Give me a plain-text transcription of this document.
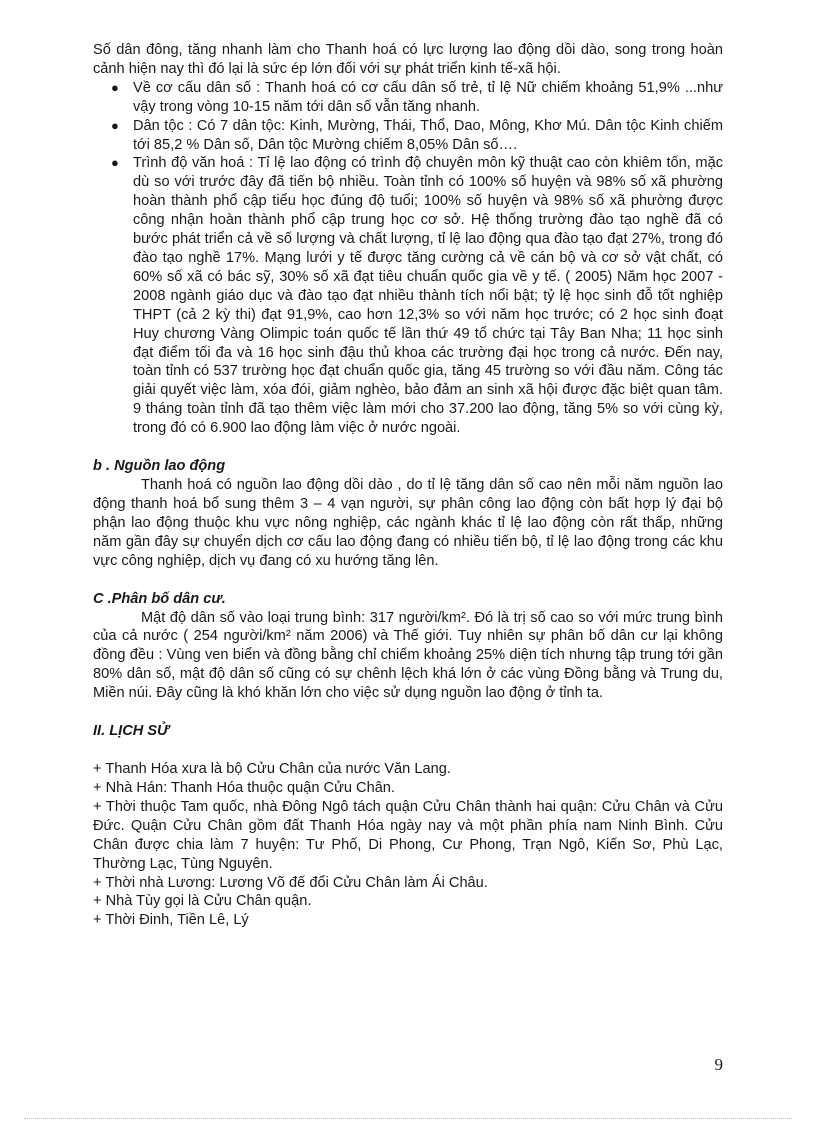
Số dân đông, tăng nhanh làm cho Thanh hoá có lực lượng lao động dồi dào, song trong hoàn cảnh hiện nay thì đó lại là sức ép lớn đối với sự phát triển kinh tế-xã hội.

● Về cơ cấu dân số : Thanh hoá có cơ cấu dân số trẻ, tỉ lệ Nữ chiếm khoảng 51,9% ...như vậy trong vòng 10-15 năm tới dân số vẫn tăng nhanh.
● Dân tộc : Có 7 dân tộc: Kinh, Mường, Thái, Thổ, Dao, Mông, Khơ Mú. Dân tộc Kinh chiếm tới 85,2 % Dân số, Dân tộc Mường chiếm 8,05% Dân số….
● Trình độ văn hoá : Tỉ lệ lao động có trình độ chuyên môn kỹ thuật cao còn khiêm tốn, mặc dù so với trước đây đã tiến bộ nhiều. Toàn tỉnh có 100% số huyện và 98% số xã phường hoàn thành phổ cập tiểu học đúng độ tuổi; 100% số huyện và 98% số xã phường được công nhận hoàn thành phổ cập trung học cơ sở. Hệ thống trường đào tạo nghề đã có bước phát triển cả về số lượng và chất lượng, tỉ lệ lao động qua đào tạo đạt 27%, trong đó đào tạo nghề 17%. Mạng lưới y tế được tăng cường cả về cán bộ và cơ sở vật chất, có 60% số xã có bác sỹ, 30% số xã đạt tiêu chuẩn quốc gia về y tế. ( 2005) Năm học 2007 - 2008 ngành giáo dục và đào tạo đạt nhiều thành tích nổi bật; tỷ lệ học sinh đỗ tốt nghiệp THPT (cả 2 kỳ thi) đạt 91,9%, cao hơn 12,3% so với năm học trước; có 2 học sinh đoạt Huy chương Vàng Olimpic toán quốc tế lần thứ 49 tổ chức tại Tây Ban Nha; 11 học sinh đạt điểm tối đa và 16 học sinh đậu thủ khoa các trường đại học trong cả nước. Đến nay, toàn tỉnh có 537 trường học đạt chuẩn quốc gia, tăng 45 trường so với đầu năm. Công tác giải quyết việc làm, xóa đói, giảm nghèo, bảo đảm an sinh xã hội được đặc biệt quan tâm. 9 tháng toàn tỉnh đã tạo thêm việc làm mới cho 37.200 lao động, tăng 5% so với cùng kỳ, trong đó có 6.900 lao động làm việc ở nước ngoài.
b . Nguồn lao động

Thanh hoá có nguồn lao động dồi dào , do tỉ lệ tăng dân số cao nên mỗi năm nguồn lao động thanh hoá bổ sung thêm 3 – 4 vạn người, sự phân công lao động còn bất hợp lý đại bộ phận lao động thuộc khu vực nông nghiệp, các ngành khác tỉ lệ lao động còn rất thấp, những năm gần đây sự chuyển dịch cơ cấu lao động đang có nhiều tiến bộ, tỉ lệ lao động trong các khu vực công nghiệp, dịch vụ đang có xu hướng tăng lên.

C .Phân bố dân cư.

Mật độ dân số vào loại trung bình: 317 người/km². Đó là trị số cao so với mức trung bình của cả nước ( 254 người/km² năm 2006) và Thế giới. Tuy nhiên sự phân bố dân cư lại không đồng đều : Vùng ven biển và đồng bằng chỉ chiếm khoảng 25% diện tích nhưng tập trung tới gần 80% dân số, mật độ dân số cũng có sự chênh lệch khá lớn ở các vùng Đồng bằng và Trung du, Miền núi. Đây cũng là khó khăn lớn cho việc sử dụng nguồn lao động ở tỉnh ta.

II. LỊCH SỬ

+ Thanh Hóa xưa là bộ Cửu Chân của nước Văn Lang.

+ Nhà Hán: Thanh Hóa thuộc quận Cửu Chân.

+ Thời thuộc Tam quốc, nhà Đông Ngô tách quận Cửu Chân thành hai quận: Cửu Chân và Cửu Đức. Quận Cửu Chân gồm đất Thanh Hóa ngày nay và một phần phía nam Ninh Bình. Cửu Chân được chia làm 7 huyện: Tư Phố, Di Phong, Cư Phong, Trạn Ngô, Kiến Sơ, Phù Lạc, Thường Lạc, Tùng Nguyên.

+ Thời nhà Lương: Lương Võ đế đổi Cửu Chân làm Ái Châu.

+ Nhà Tùy gọi là Cửu Chân quận.

+ Thời Đinh, Tiền Lê, Lý

9
